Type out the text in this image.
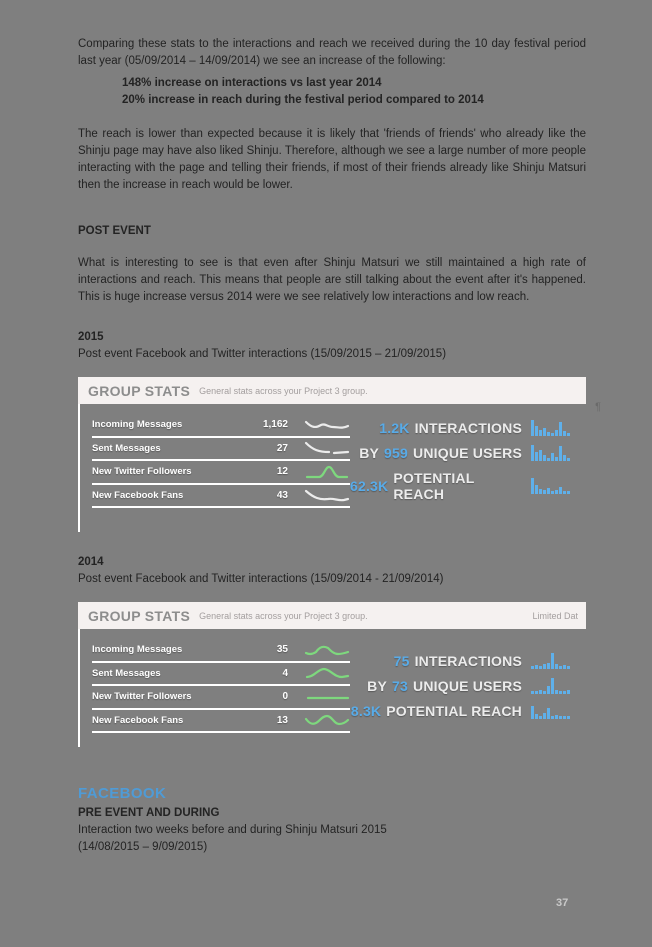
Comparing these stats to the interactions and reach we received during the 10 day festival period last year (05/09/2014 – 14/09/2014) we see an increase of the following:

148% increase on interactions vs last year 2014
20% increase in reach during the festival period compared to 2014

The reach is lower than expected because it is likely that 'friends of friends' who already like the Shinju page may have also liked Shinju. Therefore, although we see a large number of more people interacting with the page and telling their friends, if most of their friends already like Shinju Matsuri then the increase in reach would be lower.

POST EVENT

What is interesting to see is that even after Shinju Matsuri we still maintained a high rate of interactions and reach. This means that people are still talking about the event after it's happened. This is huge increase versus 2014 were we see relatively low interactions and low reach.

2015
Post event Facebook and Twitter interactions (15/09/2015 – 21/09/2015)
¶
GROUP STATS General stats across your Project 3 group.
Incoming Messages	1,162
Sent Messages	27
New Twitter Followers	12
New Facebook Fans	43
1.2K INTERACTIONS
BY 959 UNIQUE USERS
62.3K POTENTIAL REACH
2014
Post event Facebook and Twitter interactions (15/09/2014 - 21/09/2014)
GROUP STATS General stats across your Project 3 group.	Limited Dat
Incoming Messages	35
Sent Messages	4
New Twitter Followers	0
New Facebook Fans	13
75 INTERACTIONS
BY 73 UNIQUE USERS
8.3K POTENTIAL REACH
FACEBOOK
PRE EVENT AND DURING
Interaction two weeks before and during Shinju Matsuri 2015
(14/08/2015 – 9/09/2015)
37
